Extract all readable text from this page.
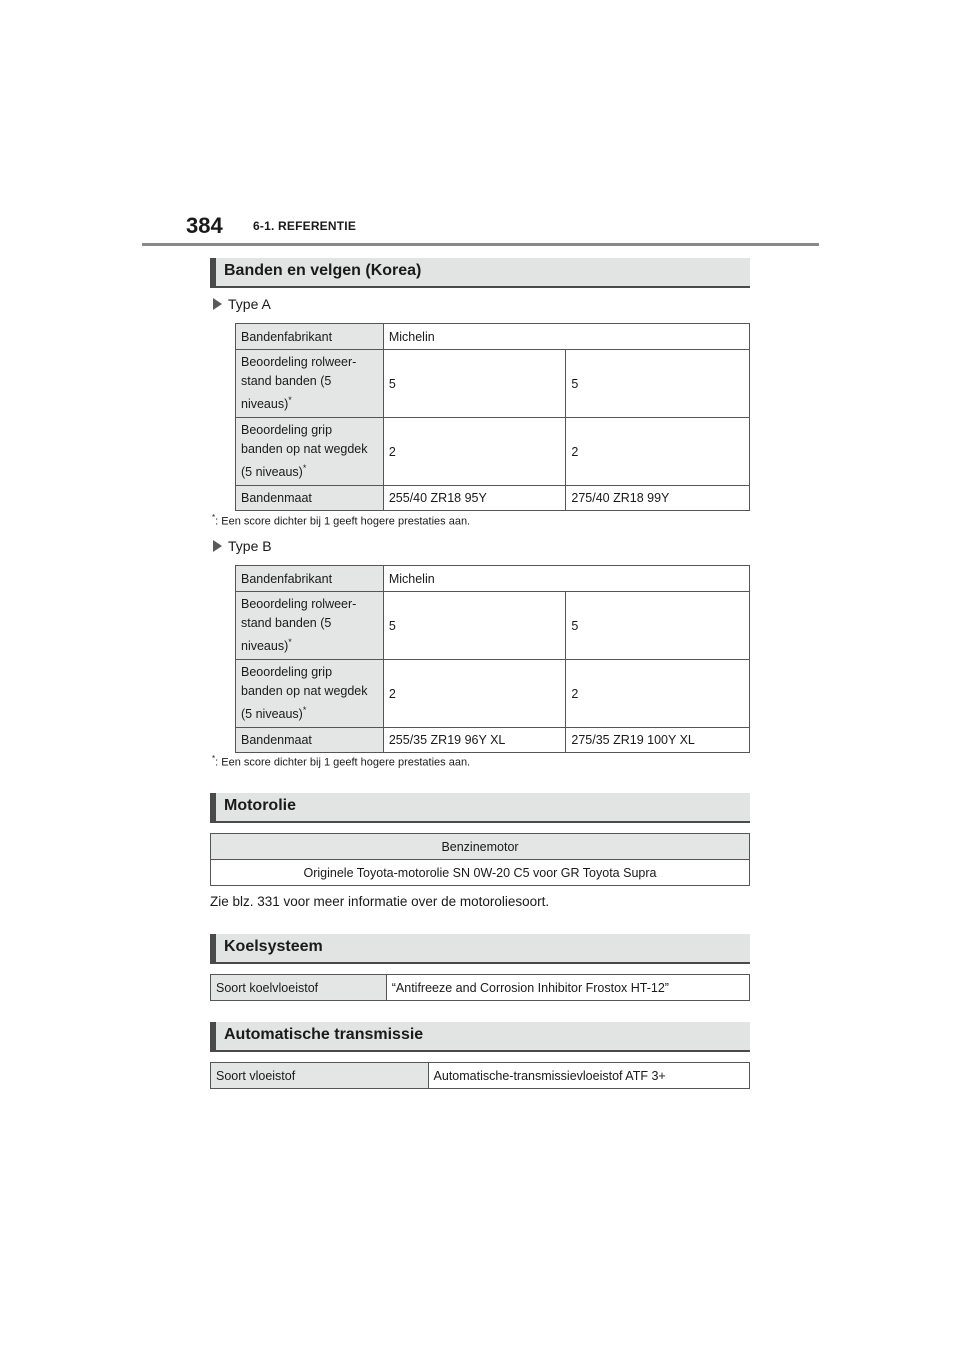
384	6-1. REFERENTIE
Banden en velgen (Korea)
Type A
Bandenfabrikant	Michelin	
Beoordeling rolweer-
stand banden (5
niveaus)*	5	5
Beoordeling grip
banden op nat wegdek
(5 niveaus)*	2	2
Bandenmaat	255/40 ZR18 95Y	275/40 ZR18 99Y
*: Een score dichter bij 1 geeft hogere prestaties aan.
Type B
Bandenfabrikant	Michelin	
Beoordeling rolweer-
stand banden (5
niveaus)*	5	5
Beoordeling grip
banden op nat wegdek
(5 niveaus)*	2	2
Bandenmaat	255/35 ZR19 96Y XL	275/35 ZR19 100Y XL
*: Een score dichter bij 1 geeft hogere prestaties aan.
Motorolie
Benzinemotor
Originele Toyota-motorolie SN 0W-20 C5 voor GR Toyota Supra
Zie blz. 331 voor meer informatie over de motoroliesoort.
Koelsysteem
Soort koelvloeistof	“Antifreeze and Corrosion Inhibitor Frostox HT-12”
Automatische transmissie
Soort vloeistof	Automatische-transmissievloeistof ATF 3+
